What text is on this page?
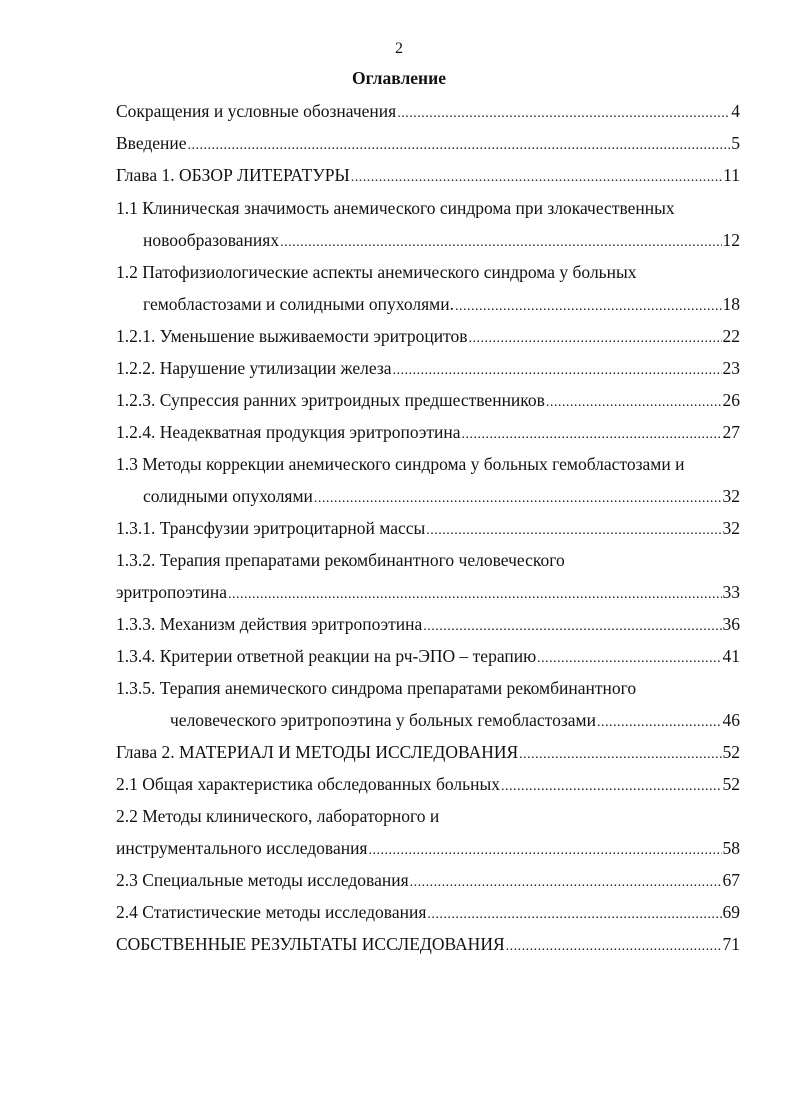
2
Оглавление
Сокращения и условные обозначения .....	4
Введение .....	5
Глава 1. ОБЗОР ЛИТЕРАТУРЫ .....	11
1.1 Клиническая значимость анемического синдрома при злокачественных
новообразованиях .....	12
1.2 Патофизиологические аспекты анемического синдрома у больных
гемобластозами и солидными опухолями. .....	18
1.2.1. Уменьшение выживаемости эритроцитов .....	22
1.2.2. Нарушение утилизации железа .....	23
1.2.3. Супрессия ранних эритроидных предшественников .....	26
1.2.4. Неадекватная продукция эритропоэтина .....	27
1.3 Методы коррекции анемического синдрома у больных гемобластозами и
солидными опухолями .....	32
1.3.1. Трансфузии эритроцитарной массы .....	32
1.3.2. Терапия препаратами рекомбинантного человеческого
эритропоэтина .....	33
1.3.3. Механизм действия эритропоэтина .....	36
1.3.4. Критерии ответной реакции на рч-ЭПО – терапию .....	41
1.3.5. Терапия анемического синдрома препаратами рекомбинантного
человеческого эритропоэтина у больных гемобластозами .....	46
Глава 2. МАТЕРИАЛ И МЕТОДЫ ИССЛЕДОВАНИЯ .....	52
2.1 Общая характеристика обследованных больных .....	52
2.2 Методы клинического, лабораторного и
инструментального исследования .....	58
2.3 Специальные методы исследования .....	67
2.4 Статистические методы исследования .....	69
СОБСТВЕННЫЕ РЕЗУЛЬТАТЫ ИССЛЕДОВАНИЯ .....	71
